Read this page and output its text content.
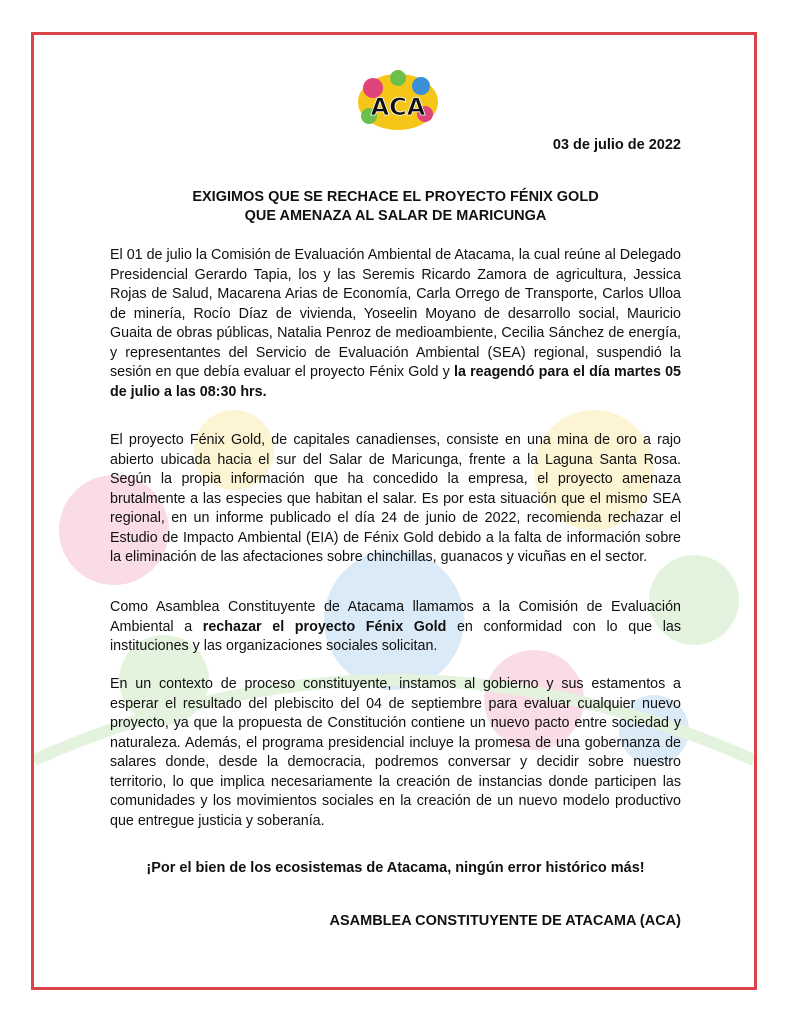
ACA
03 de julio de 2022
EXIGIMOS QUE SE RECHACE EL PROYECTO FÉNIX GOLD
QUE AMENAZA AL SALAR DE MARICUNGA

El 01 de julio la Comisión de Evaluación Ambiental de Atacama, la cual reúne al Delegado Presidencial Gerardo Tapia, los y las Seremis Ricardo Zamora de agricultura, Jessica Rojas de Salud, Macarena Arias de Economía, Carla Orrego de Transporte, Carlos Ulloa de minería, Rocío Díaz de vivienda, Yoseelin Moyano de desarrollo social, Mauricio Guaita de obras públicas, Natalia Penroz de medioambiente, Cecilia Sánchez de energía, y representantes del Servicio de Evaluación Ambiental (SEA) regional, suspendió la sesión en que debía evaluar el proyecto Fénix Gold y la reagendó para el día martes 05 de julio a las 08:30 hrs.

El proyecto Fénix Gold, de capitales canadienses, consiste en una mina de oro a rajo abierto ubicada hacia el sur del Salar de Maricunga, frente a la Laguna Santa Rosa. Según la propia información que ha concedido la empresa, el proyecto amenaza brutalmente a las especies que habitan el salar. Es por esta situación que el mismo SEA regional, en un informe publicado el día 24 de junio de 2022, recomienda rechazar el Estudio de Impacto Ambiental (EIA) de Fénix Gold debido a la falta de información sobre la eliminación de las afectaciones sobre chinchillas, guanacos y vicuñas en el sector.

Como Asamblea Constituyente de Atacama llamamos a la Comisión de Evaluación Ambiental a rechazar el proyecto Fénix Gold en conformidad con lo que las instituciones y las organizaciones sociales solicitan.

En un contexto de proceso constituyente, instamos al gobierno y sus estamentos a esperar el resultado del plebiscito del 04 de septiembre para evaluar cualquier nuevo proyecto, ya que la propuesta de Constitución contiene un nuevo pacto entre sociedad y naturaleza. Además, el programa presidencial incluye la promesa de una gobernanza de salares donde, desde la democracia, podremos conversar y decidir sobre nuestro territorio, lo que implica necesariamente la creación de instancias donde participen las comunidades y los movimientos sociales en la creación de un nuevo modelo productivo que entregue justicia y soberanía.

¡Por el bien de los ecosistemas de Atacama, ningún error histórico más!
ASAMBLEA CONSTITUYENTE DE ATACAMA (ACA)
